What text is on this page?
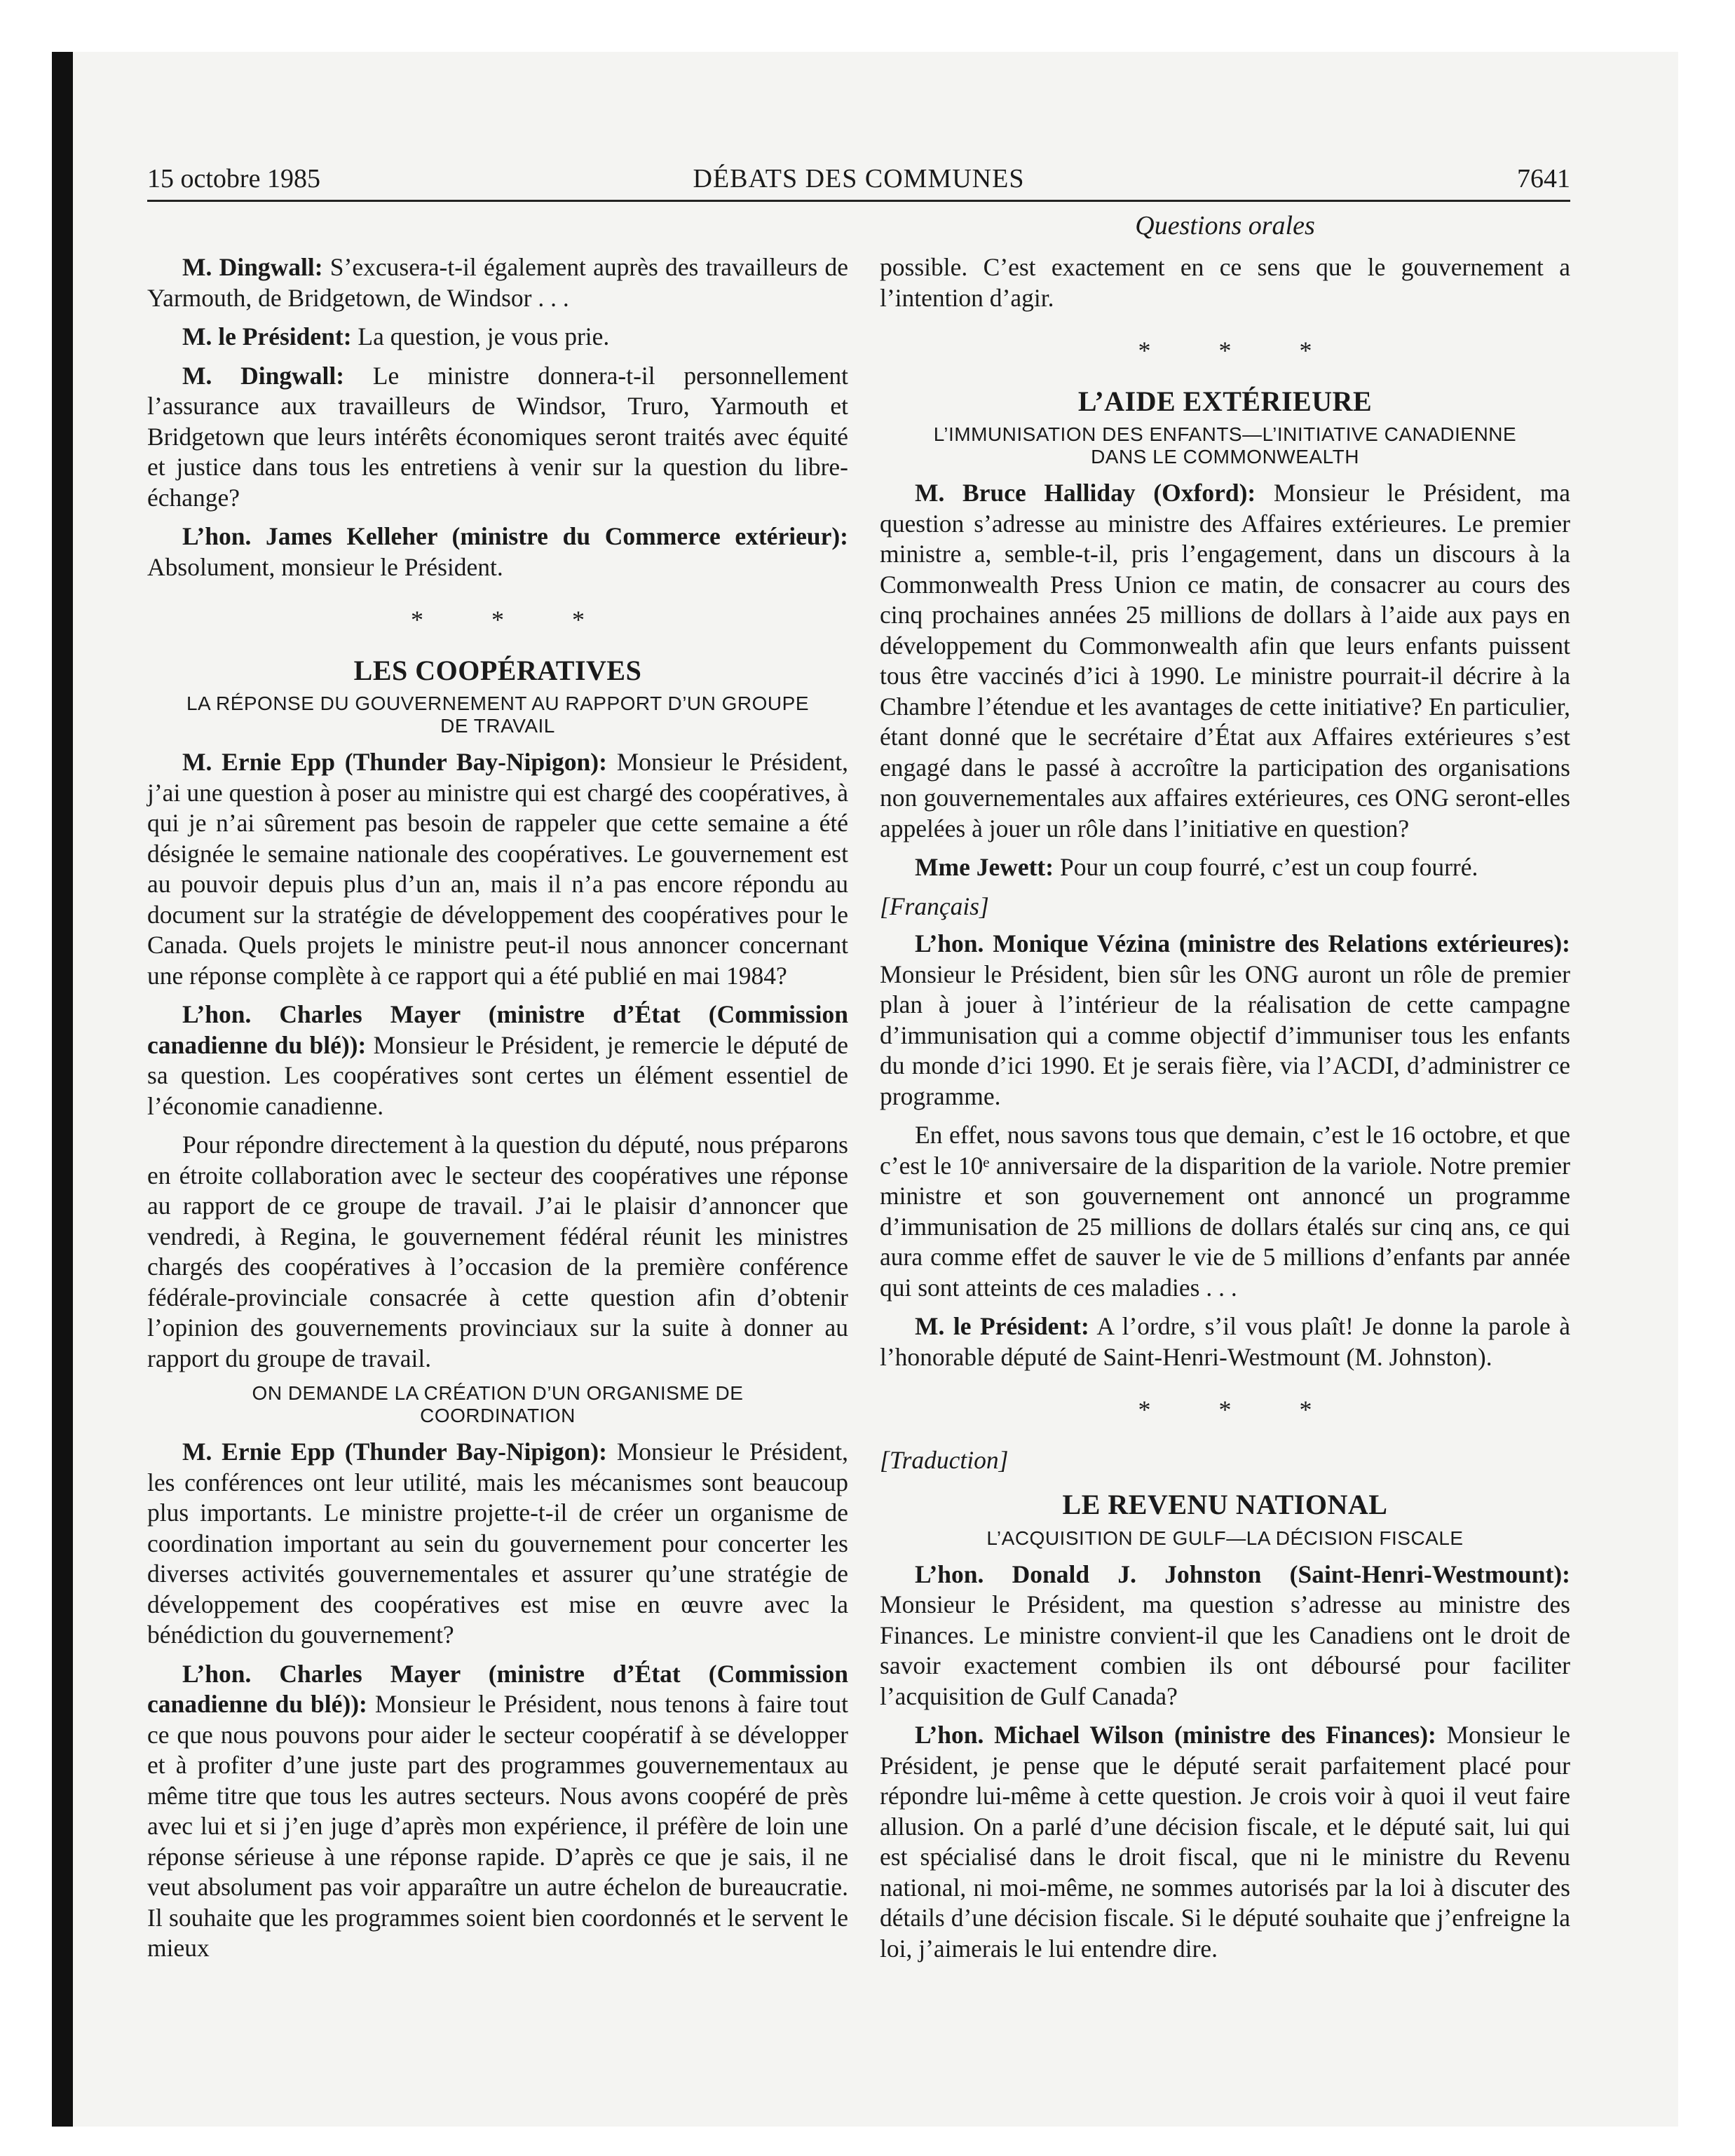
15 octobre 1985	DÉBATS DES COMMUNES	7641
Questions orales

M. Dingwall: S’excusera-t-il également auprès des travailleurs de Yarmouth, de Bridgetown, de Windsor . . .

M. le Président: La question, je vous prie.

M. Dingwall: Le ministre donnera-t-il personnellement l’assurance aux travailleurs de Windsor, Truro, Yarmouth et Bridgetown que leurs intérêts économiques seront traités avec équité et justice dans tous les entretiens à venir sur la question du libre-échange?

L’hon. James Kelleher (ministre du Commerce extérieur): Absolument, monsieur le Président.

* * *
LES COOPÉRATIVES
LA RÉPONSE DU GOUVERNEMENT AU RAPPORT D’UN GROUPE DE TRAVAIL

M. Ernie Epp (Thunder Bay-Nipigon): Monsieur le Président, j’ai une question à poser au ministre qui est chargé des coopératives, à qui je n’ai sûrement pas besoin de rappeler que cette semaine a été désignée le semaine nationale des coopératives. Le gouvernement est au pouvoir depuis plus d’un an, mais il n’a pas encore répondu au document sur la stratégie de développement des coopératives pour le Canada. Quels projets le ministre peut-il nous annoncer concernant une réponse complète à ce rapport qui a été publié en mai 1984?

L’hon. Charles Mayer (ministre d’État (Commission canadienne du blé)): Monsieur le Président, je remercie le député de sa question. Les coopératives sont certes un élément essentiel de l’économie canadienne.

Pour répondre directement à la question du député, nous préparons en étroite collaboration avec le secteur des coopératives une réponse au rapport de ce groupe de travail. J’ai le plaisir d’annoncer que vendredi, à Regina, le gouvernement fédéral réunit les ministres chargés des coopératives à l’occasion de la première conférence fédérale-provinciale consacrée à cette question afin d’obtenir l’opinion des gouvernements provinciaux sur la suite à donner au rapport du groupe de travail.

ON DEMANDE LA CRÉATION D’UN ORGANISME DE COORDINATION

M. Ernie Epp (Thunder Bay-Nipigon): Monsieur le Président, les conférences ont leur utilité, mais les mécanismes sont beaucoup plus importants. Le ministre projette-t-il de créer un organisme de coordination important au sein du gouvernement pour concerter les diverses activités gouvernementales et assurer qu’une stratégie de développement des coopératives est mise en œuvre avec la bénédiction du gouvernement?

L’hon. Charles Mayer (ministre d’État (Commission canadienne du blé)): Monsieur le Président, nous tenons à faire tout ce que nous pouvons pour aider le secteur coopératif à se développer et à profiter d’une juste part des programmes gouvernementaux au même titre que tous les autres secteurs. Nous avons coopéré de près avec lui et si j’en juge d’après mon expérience, il préfère de loin une réponse sérieuse à une réponse rapide. D’après ce que je sais, il ne veut absolument pas voir apparaître un autre échelon de bureaucratie. Il souhaite que les programmes soient bien coordonnés et le servent le mieux

possible. C’est exactement en ce sens que le gouvernement a l’intention d’agir.

* * *
L’AIDE EXTÉRIEURE
L’IMMUNISATION DES ENFANTS—L’INITIATIVE CANADIENNE DANS LE COMMONWEALTH

M. Bruce Halliday (Oxford): Monsieur le Président, ma question s’adresse au ministre des Affaires extérieures. Le premier ministre a, semble-t-il, pris l’engagement, dans un discours à la Commonwealth Press Union ce matin, de consacrer au cours des cinq prochaines années 25 millions de dollars à l’aide aux pays en développement du Commonwealth afin que leurs enfants puissent tous être vaccinés d’ici à 1990. Le ministre pourrait-il décrire à la Chambre l’étendue et les avantages de cette initiative? En particulier, étant donné que le secrétaire d’État aux Affaires extérieures s’est engagé dans le passé à accroître la participation des organisations non gouvernementales aux affaires extérieures, ces ONG seront-elles appelées à jouer un rôle dans l’initiative en question?

Mme Jewett: Pour un coup fourré, c’est un coup fourré.

[Français]

L’hon. Monique Vézina (ministre des Relations extérieures): Monsieur le Président, bien sûr les ONG auront un rôle de premier plan à jouer à l’intérieur de la réalisation de cette campagne d’immunisation qui a comme objectif d’immuniser tous les enfants du monde d’ici 1990. Et je serais fière, via l’ACDI, d’administrer ce programme.

En effet, nous savons tous que demain, c’est le 16 octobre, et que c’est le 10ᵉ anniversaire de la disparition de la variole. Notre premier ministre et son gouvernement ont annoncé un programme d’immunisation de 25 millions de dollars étalés sur cinq ans, ce qui aura comme effet de sauver le vie de 5 millions d’enfants par année qui sont atteints de ces maladies . . .

M. le Président: A l’ordre, s’il vous plaît! Je donne la parole à l’honorable député de Saint-Henri-Westmount (M. Johnston).

* * *
[Traduction]
LE REVENU NATIONAL
L’ACQUISITION DE GULF—LA DÉCISION FISCALE

L’hon. Donald J. Johnston (Saint-Henri-Westmount): Monsieur le Président, ma question s’adresse au ministre des Finances. Le ministre convient-il que les Canadiens ont le droit de savoir exactement combien ils ont déboursé pour faciliter l’acquisition de Gulf Canada?

L’hon. Michael Wilson (ministre des Finances): Monsieur le Président, je pense que le député serait parfaitement placé pour répondre lui-même à cette question. Je crois voir à quoi il veut faire allusion. On a parlé d’une décision fiscale, et le député sait, lui qui est spécialisé dans le droit fiscal, que ni le ministre du Revenu national, ni moi-même, ne sommes autorisés par la loi à discuter des détails d’une décision fiscale. Si le député souhaite que j’enfreigne la loi, j’aimerais le lui entendre dire.
